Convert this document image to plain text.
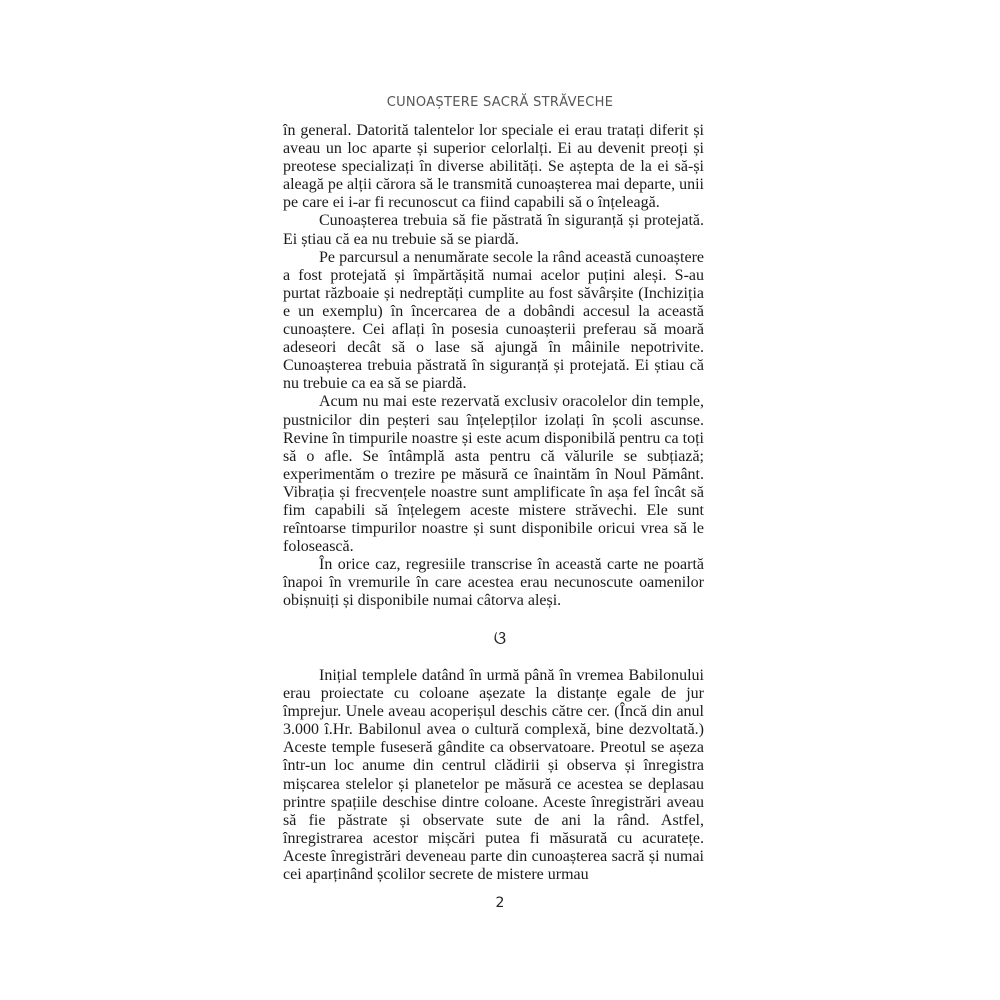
CUNOAȘTERE SACRĂ STRĂVECHE

în general. Datorită talentelor lor speciale ei erau tratați diferit și aveau un loc aparte și superior celorlalți. Ei au devenit preoți și preotese specializați în diverse abilități. Se aștepta de la ei să-și aleagă pe alții cărora să le transmită cunoașterea mai departe, unii pe care ei i-ar fi recunoscut ca fiind capabili să o înțeleagă.

Cunoașterea trebuia să fie păstrată în siguranță și protejată. Ei știau că ea nu trebuie să se piardă.

Pe parcursul a nenumărate secole la rând această cunoaștere a fost protejată și împărtășită numai acelor puțini aleși. S-au purtat războaie și nedreptăți cumplite au fost săvârșite (Inchiziția e un exemplu) în încercarea de a dobândi accesul la această cunoaștere. Cei aflați în posesia cunoașterii preferau să moară adeseori decât să o lase să ajungă în mâinile nepotrivite. Cunoașterea trebuia păstrată în siguranță și protejată. Ei știau că nu trebuie ca ea să se piardă.

Acum nu mai este rezervată exclusiv oracolelor din temple, pustnicilor din peșteri sau înțelepților izolați în școli ascunse. Revine în timpurile noastre și este acum disponibilă pentru ca toți să o afle. Se întâmplă asta pentru că vălurile se subțiază; experimentăm o trezire pe măsură ce înaintăm în Noul Pământ. Vibrația și frecvențele noastre sunt amplificate în așa fel încât să fim capabili să înțelegem aceste mistere străvechi. Ele sunt reîntoarse timpurilor noastre și sunt disponibile oricui vrea să le folosească.

În orice caz, regresiile transcrise în această carte ne poartă înapoi în vremurile în care acestea erau necunoscute oamenilor obișnuiți și disponibile numai câtorva aleși.

ଓ

Inițial templele datând în urmă până în vremea Babilonului erau proiectate cu coloane așezate la distanțe egale de jur împrejur. Unele aveau acoperișul deschis către cer. (Încă din anul 3.000 î.Hr. Babilonul avea o cultură complexă, bine dezvoltată.) Aceste temple fuseseră gândite ca observatoare. Preotul se așeza într-un loc anume din centrul clădirii și observa și înregistra mișcarea stelelor și planetelor pe măsură ce acestea se deplasau printre spațiile deschise dintre coloane. Aceste înregistrări aveau să fie păstrate și observate sute de ani la rând. Astfel, înregistrarea acestor mișcări putea fi măsurată cu acuratețe. Aceste înregistrări deveneau parte din cunoașterea sacră și numai cei aparținând școlilor secrete de mistere urmau

2
